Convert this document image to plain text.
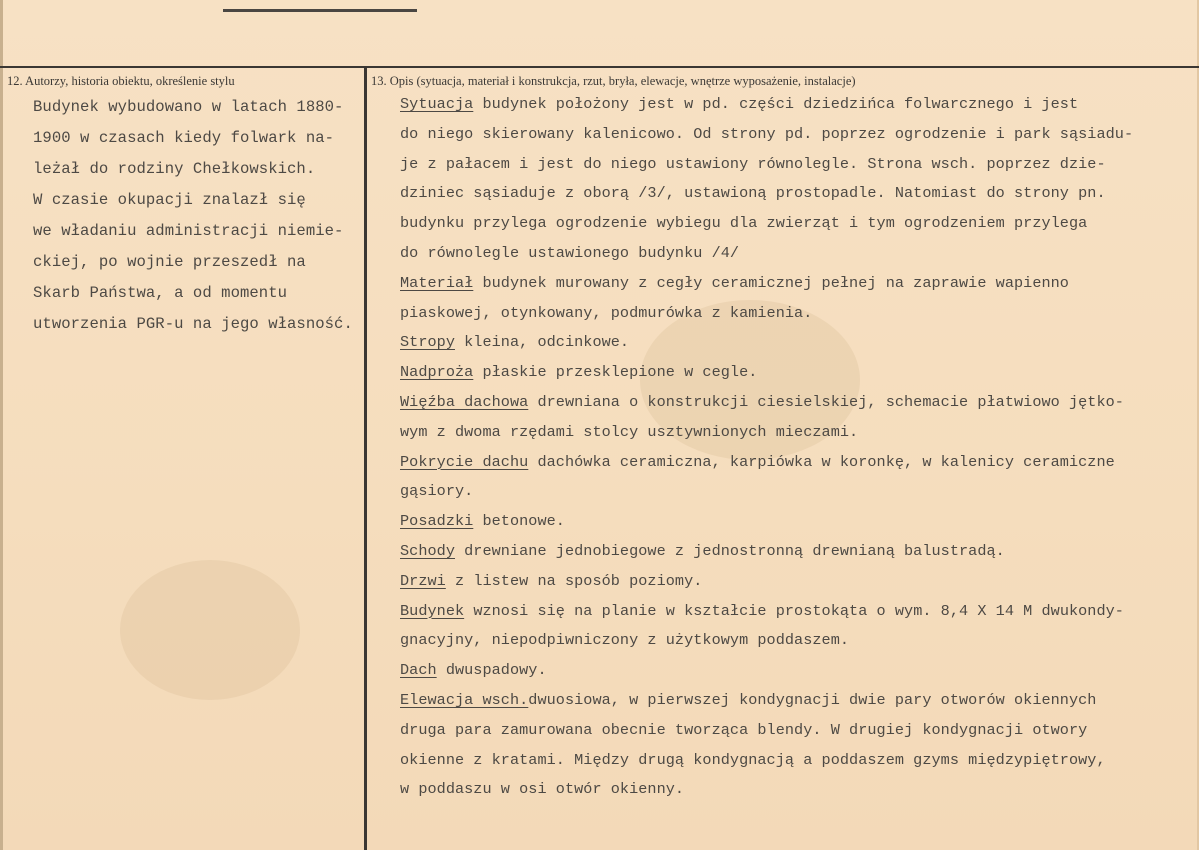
12. Autorzy, historia obiektu, określenie stylu	13. Opis (sytuacja, materiał i konstrukcja, rzut, bryła, elewacje, wnętrze wyposażenie, instalacje)
Budynek wybudowano w latach 1880-
1900 w czasach kiedy folwark na-
leżał do rodziny Chełkowskich.
W czasie okupacji znalazł się
we władaniu administracji niemie-
ckiej, po wojnie przeszedł na
Skarb Państwa, a od momentu
utworzenia PGR-u na jego własność.
Sytuacja budynek położony jest w pd. części dziedzińca folwarcznego i jest
do niego skierowany kalenicowo. Od strony pd. poprzez ogrodzenie i park sąsiadu-
je z pałacem i jest do niego ustawiony równolegle. Strona wsch. poprzez dzie-
dziniec sąsiaduje z oborą /3/, ustawioną prostopadle. Natomiast do strony pn.
budynku przylega ogrodzenie wybiegu dla zwierząt i tym ogrodzeniem przylega
do równolegle ustawionego budynku /4/
Materiał budynek murowany z cegły ceramicznej pełnej na zaprawie wapienno
piaskowej, otynkowany, podmurówka z kamienia.
Stropy kleina, odcinkowe.
Nadproża płaskie przesklepione w cegle.
Więźba dachowa drewniana o konstrukcji ciesielskiej, schemacie płatwiowo jętko-
wym z dwoma rzędami stolcy usztywnionych mieczami.
Pokrycie dachu dachówka ceramiczna, karpiówka w koronkę, w kalenicy ceramiczne
gąsiory.
Posadzki betonowe.
Schody drewniane jednobiegowe z jednostronną drewnianą balustradą.
Drzwi z listew na sposób poziomy.
Budynek wznosi się na planie w kształcie prostokąta o wym. 8,4 X 14 M dwukondy-
gnacyjny, niepodpiwniczony z użytkowym poddaszem.
Dach dwuspadowy.
Elewacja wsch.dwuosiowa, w pierwszej kondygnacji dwie pary otworów okiennych
druga para zamurowana obecnie tworząca blendy. W drugiej kondygnacji otwory
okienne z kratami. Między drugą kondygnacją a poddaszem gzyms międzypiętrowy,
w poddaszu w osi otwór okienny.
